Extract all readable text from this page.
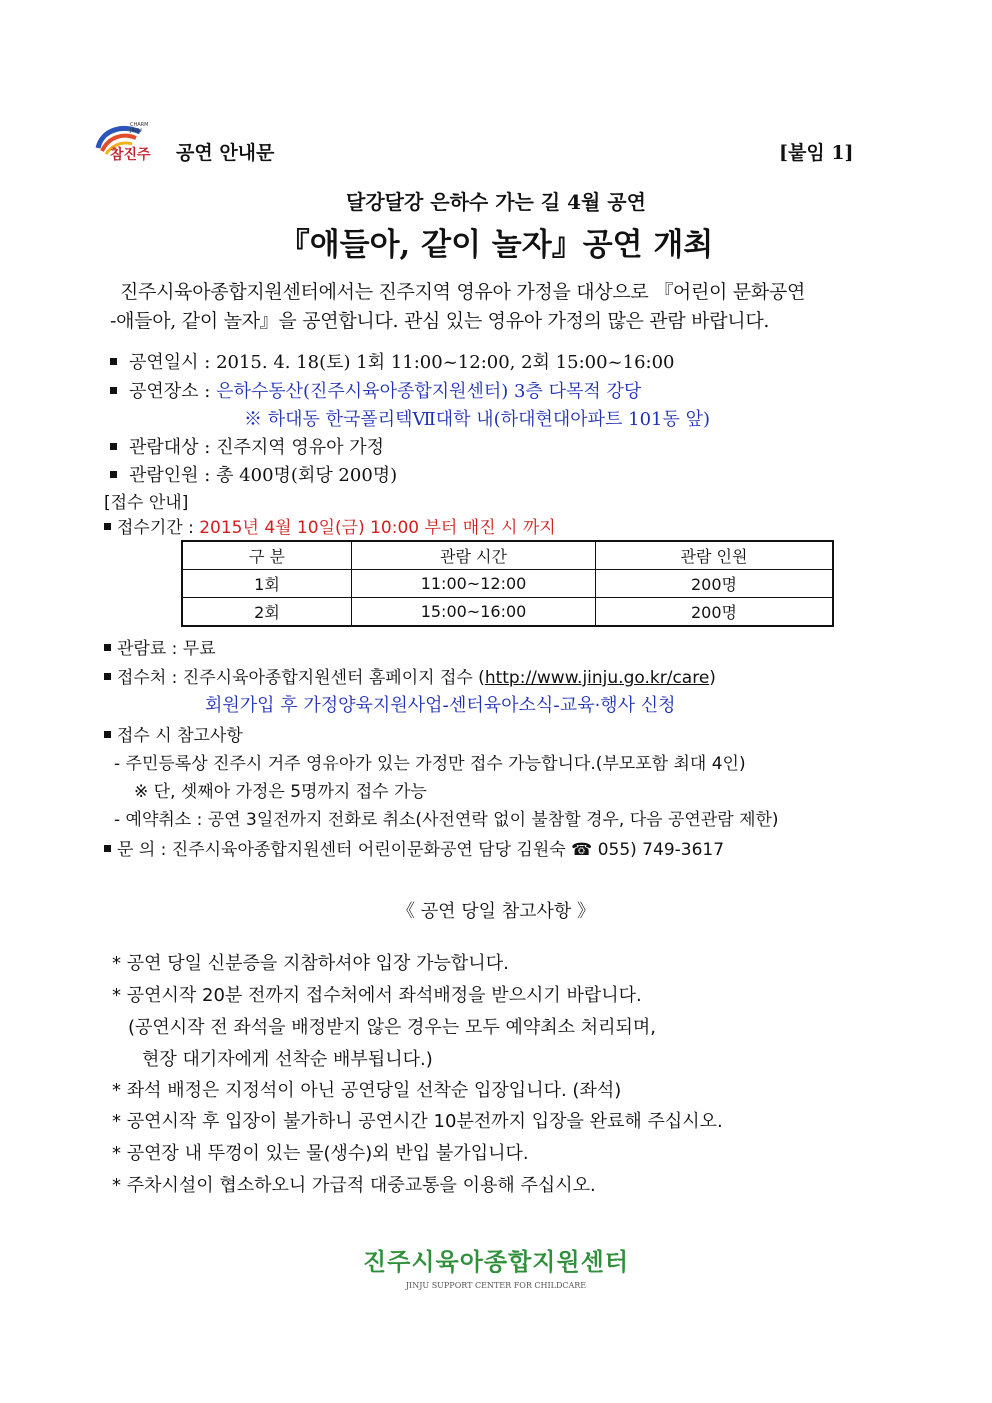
CHARM JINJU
참진주 공연 안내문	[붙임 1]
달강달강 은하수 가는 길 4월 공연
『애들아, 같이 놀자』공연 개최
진주시육아종합지원센터에서는 진주지역 영유아 가정을 대상으로 『어린이 문화공연
-애들아, 같이 놀자』을 공연합니다. 관심 있는 영유아 가정의 많은 관람 바랍니다.
공연일시 : 2015. 4. 18(토) 1회 11:00~12:00, 2회 15:00~16:00
공연장소 : 은하수동산(진주시육아종합지원센터) 3층 다목적 강당
※ 하대동 한국폴리텍Ⅶ대학 내(하대현대아파트 101동 앞)
관람대상 : 진주지역 영유아 가정
관람인원 : 총 400명(회당 200명)
[접수 안내]
접수기간 : 2015년 4월 10일(금) 10:00 부터 매진 시 까지
구 분	관람 시간	관람 인원
1회	11:00~12:00	200명
2회	15:00~16:00	200명
관람료 : 무료
접수처 : 진주시육아종합지원센터 홈페이지 접수 (http://www.jinju.go.kr/care)
회원가입 후 가정양육지원사업-센터육아소식-교육·행사 신청
접수 시 참고사항
- 주민등록상 진주시 거주 영유아가 있는 가정만 접수 가능합니다.(부모포함 최대 4인)
※ 단, 셋째아 가정은 5명까지 접수 가능
- 예약취소 : 공연 3일전까지 전화로 취소(사전연락 없이 불참할 경우, 다음 공연관람 제한)
문 의 : 진주시육아종합지원센터 어린이문화공연 담당 김원숙 ☎ 055) 749-3617
《 공연 당일 참고사항 》
* 공연 당일 신분증을 지참하셔야 입장 가능합니다.
* 공연시작 20분 전까지 접수처에서 좌석배정을 받으시기 바랍니다.
(공연시작 전 좌석을 배정받지 않은 경우는 모두 예약최소 처리되며,
현장 대기자에게 선착순 배부됩니다.)
* 좌석 배정은 지정석이 아닌 공연당일 선착순 입장입니다. (좌석)
* 공연시작 후 입장이 불가하니 공연시간 10분전까지 입장을 완료해 주십시오.
* 공연장 내 뚜껑이 있는 물(생수)외 반입 불가입니다.
* 주차시설이 협소하오니 가급적 대중교통을 이용해 주십시오.
진주시육아종합지원센터
JINJU SUPPORT CENTER FOR CHILDCARE
